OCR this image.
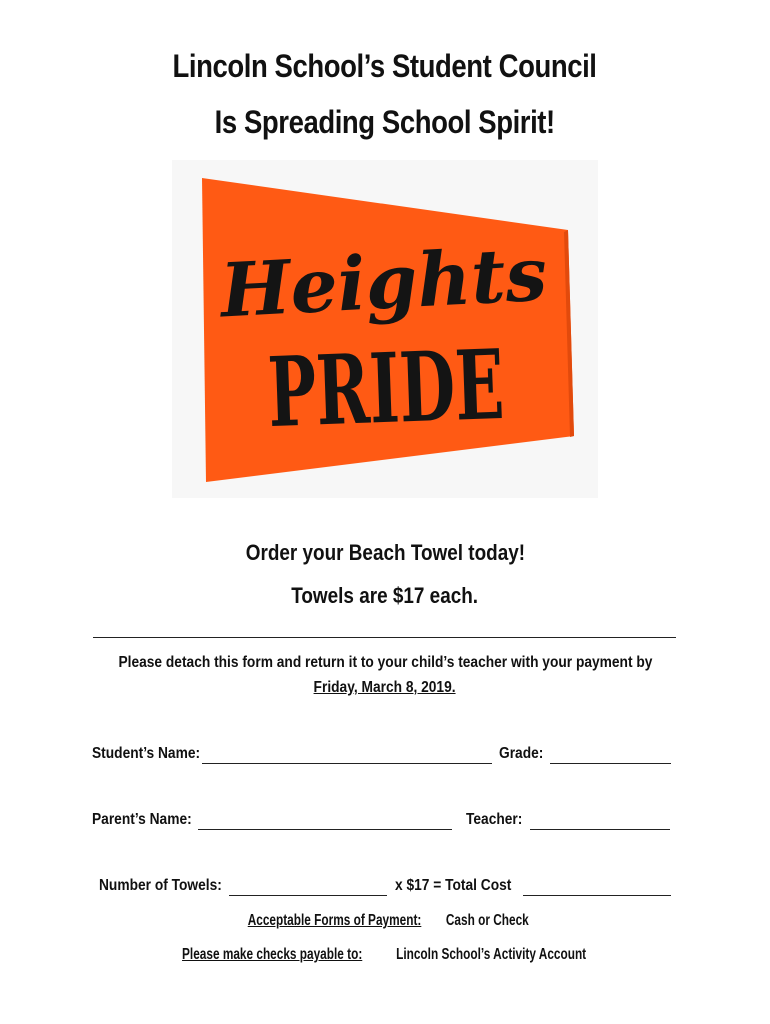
Lincoln School’s Student Council
Is Spreading School Spirit!
Heights
PRIDE
Order your Beach Towel today!
Towels are $17 each.
Please detach this form and return it to your child’s teacher with your payment by
Friday, March 8, 2019.
Student’s Name:	Grade:
Parent’s Name:	Teacher:
Number of Towels:	x $17 = Total Cost
Acceptable Forms of Payment: Cash or Check
Please make checks payable to: Lincoln School’s Activity Account
